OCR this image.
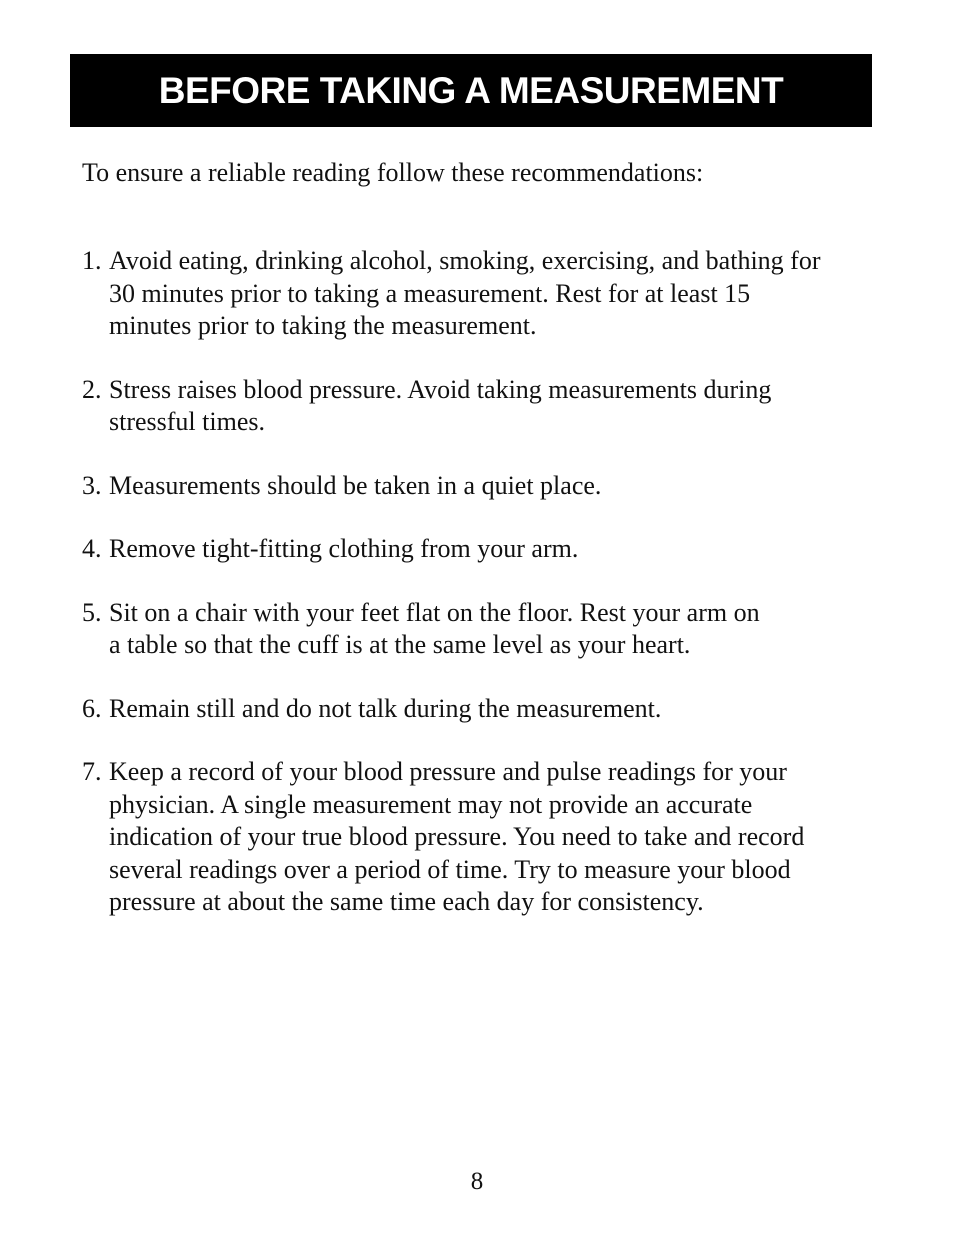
BEFORE TAKING A MEASUREMENT

To ensure a reliable reading follow these recommendations:

1. Avoid eating, drinking alcohol, smoking, exercising, and bathing for
30 minutes prior to taking a measurement. Rest for at least 15
minutes prior to taking the measurement.
2. Stress raises blood pressure. Avoid taking measurements during
stressful times.
3. Measurements should be taken in a quiet place.
4. Remove tight-fitting clothing from your arm.
5. Sit on a chair with your feet flat on the floor. Rest your arm on
a table so that the cuff is at the same level as your heart.
6. Remain still and do not talk during the measurement.
7. Keep a record of your blood pressure and pulse readings for your
physician. A single measurement may not provide an accurate
indication of your true blood pressure. You need to take and record
several readings over a period of time. Try to measure your blood
pressure at about the same time each day for consistency.
8
